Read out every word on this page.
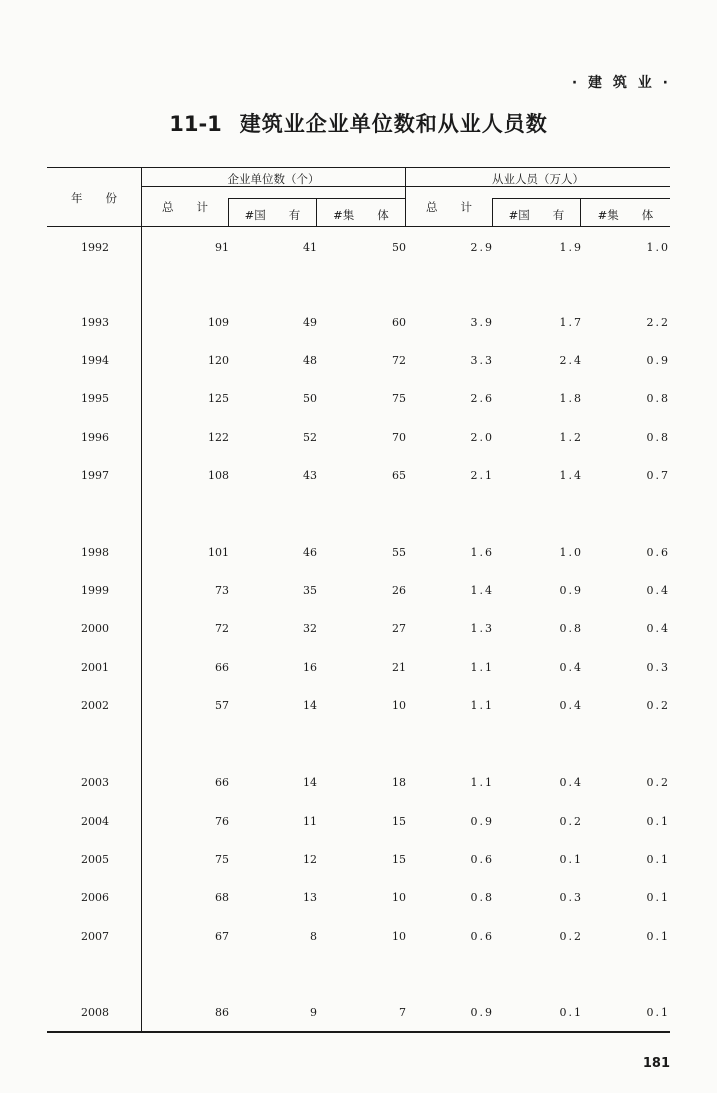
· 建 筑 业 ·
11-1 建筑业企业单位数和从业人员数
年　　份
企业单位数（个）	从业人员（万人）
总　　计
#国　　有	#集　　体
总　　计
#国　　有	#集　　体
1992	91	41	50	2.9	1.9	1.0
1993	109	49	60	3.9	1.7	2.2
1994	120	48	72	3.3	2.4	0.9
1995	125	50	75	2.6	1.8	0.8
1996	122	52	70	2.0	1.2	0.8
1997	108	43	65	2.1	1.4	0.7
1998	101	46	55	1.6	1.0	0.6
1999	73	35	26	1.4	0.9	0.4
2000	72	32	27	1.3	0.8	0.4
2001	66	16	21	1.1	0.4	0.3
2002	57	14	10	1.1	0.4	0.2
2003	66	14	18	1.1	0.4	0.2
2004	76	11	15	0.9	0.2	0.1
2005	75	12	15	0.6	0.1	0.1
2006	68	13	10	0.8	0.3	0.1
2007	67	8	10	0.6	0.2	0.1
2008	86	9	7	0.9	0.1	0.1
181
